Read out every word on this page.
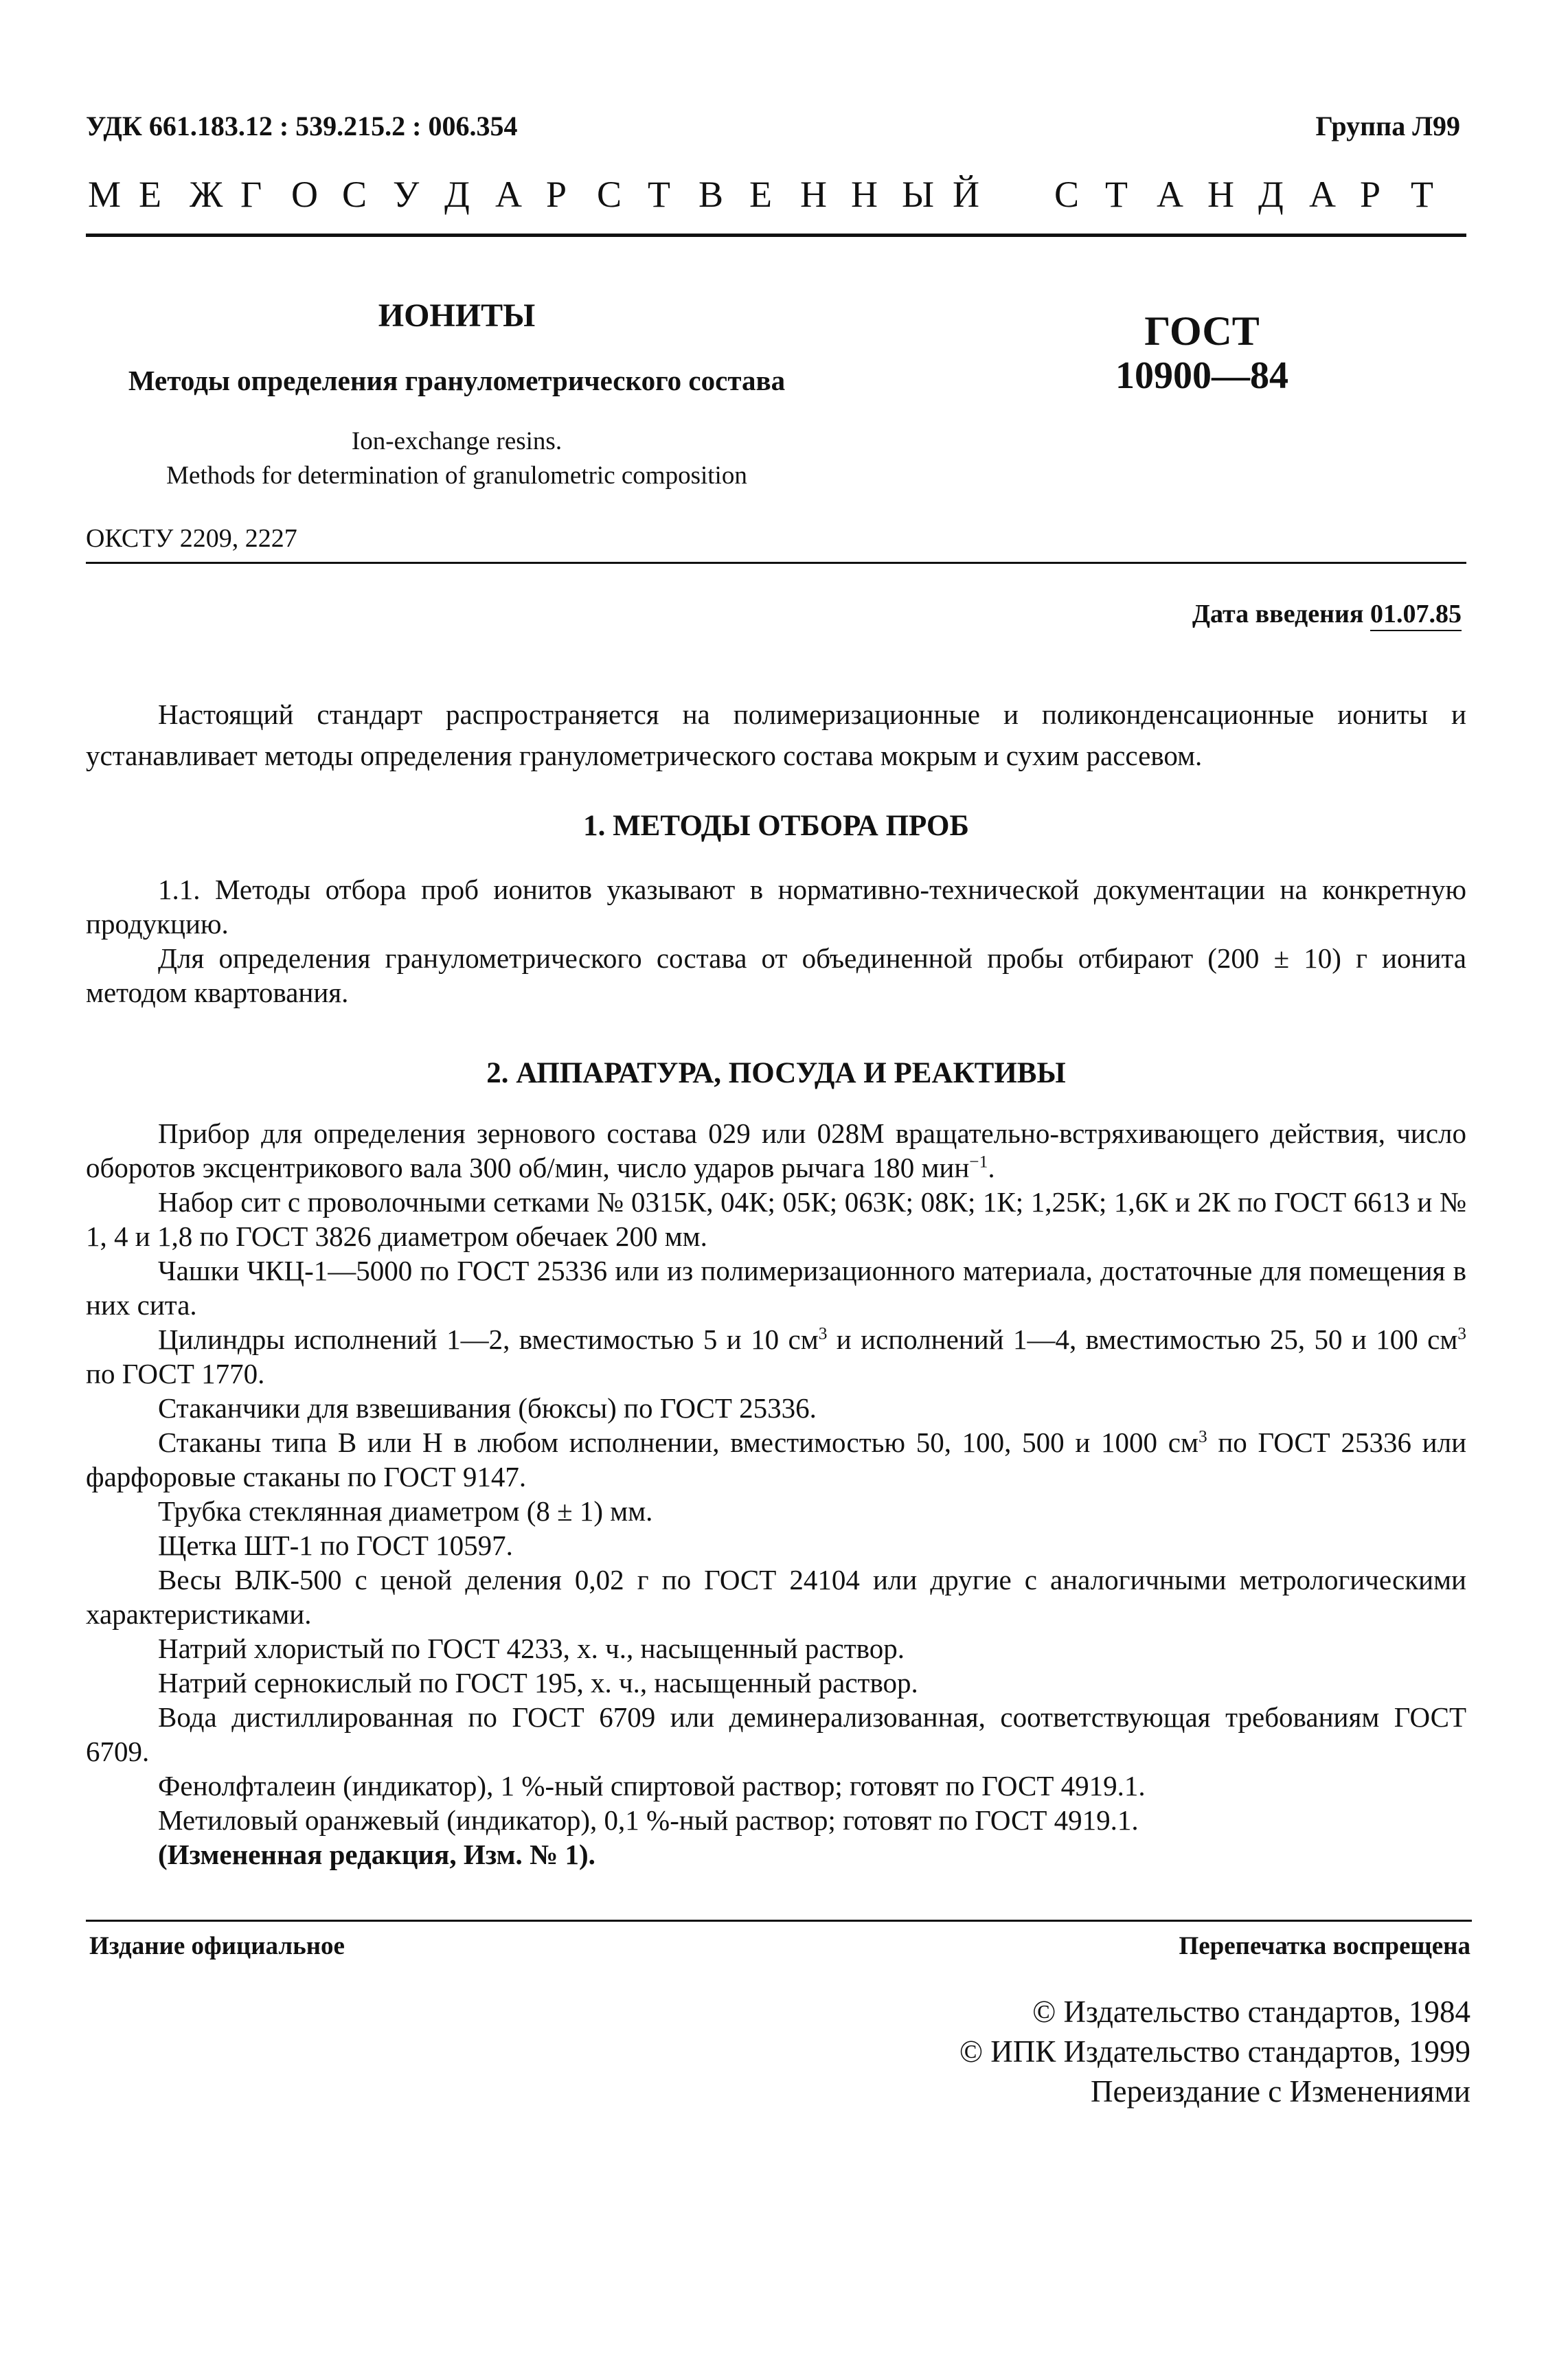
УДК 661.183.12 : 539.215.2 : 006.354	Группа Л99
М Е Ж Г О С У Д А Р С Т В Е Н Н Ы Й С Т А Н Д А Р Т
ИОНИТЫ
Методы определения гранулометрического состава
Ion-exchange resins.
Methods for determination of granulometric composition
ГОСТ
10900—84
ОКСТУ 2209, 2227
Дата введения 01.07.85

Настоящий стандарт распространяется на полимеризационные и поликонденсационные иониты и устанавливает методы определения гранулометрического состава мокрым и сухим рассевом.

1. МЕТОДЫ ОТБОРА ПРОБ

1.1. Методы отбора проб ионитов указывают в нормативно-технической документации на конкретную продукцию.

Для определения гранулометрического состава от объединенной пробы отбирают (200 ± 10) г ионита методом квартования.

2. АППАРАТУРА, ПОСУДА И РЕАКТИВЫ

Прибор для определения зернового состава 029 или 028М вращательно-встряхивающего действия, число оборотов эксцентрикового вала 300 об/мин, число ударов рычага 180 мин$^{-1}$.

Набор сит с проволочными сетками № 0315К, 04К; 05К; 063К; 08К; 1К; 1,25К; 1,6К и 2К по ГОСТ 6613 и № 1, 4 и 1,8 по ГОСТ 3826 диаметром обечаек 200 мм.

Чашки ЧКЦ-1—5000 по ГОСТ 25336 или из полимеризационного материала, достаточные для помещения в них сита.

Цилиндры исполнений 1—2, вместимостью 5 и 10 $см^3$ и исполнений 1—4, вместимостью 25, 50 и 100 $см^3$ по ГОСТ 1770.

Стаканчики для взвешивания (бюксы) по ГОСТ 25336.

Стаканы типа В или Н в любом исполнении, вместимостью 50, 100, 500 и 1000 $см^3$ по ГОСТ 25336 или фарфоровые стаканы по ГОСТ 9147.

Трубка стеклянная диаметром (8 ± 1) мм.

Щетка ШТ-1 по ГОСТ 10597.

Весы ВЛК-500 с ценой деления 0,02 г по ГОСТ 24104 или другие с аналогичными метрологическими характеристиками.

Натрий хлористый по ГОСТ 4233, х. ч., насыщенный раствор.

Натрий сернокислый по ГОСТ 195, х. ч., насыщенный раствор.

Вода дистиллированная по ГОСТ 6709 или деминерализованная, соответствующая требованиям ГОСТ 6709.

Фенолфталеин (индикатор), 1 %-ный спиртовой раствор; готовят по ГОСТ 4919.1.

Метиловый оранжевый (индикатор), 0,1 %-ный раствор; готовят по ГОСТ 4919.1.

(Измененная редакция, Изм. № 1).

Издание официальное	Перепечатка воспрещена
© Издательство стандартов, 1984
© ИПК Издательство стандартов, 1999
Переиздание с Изменениями
